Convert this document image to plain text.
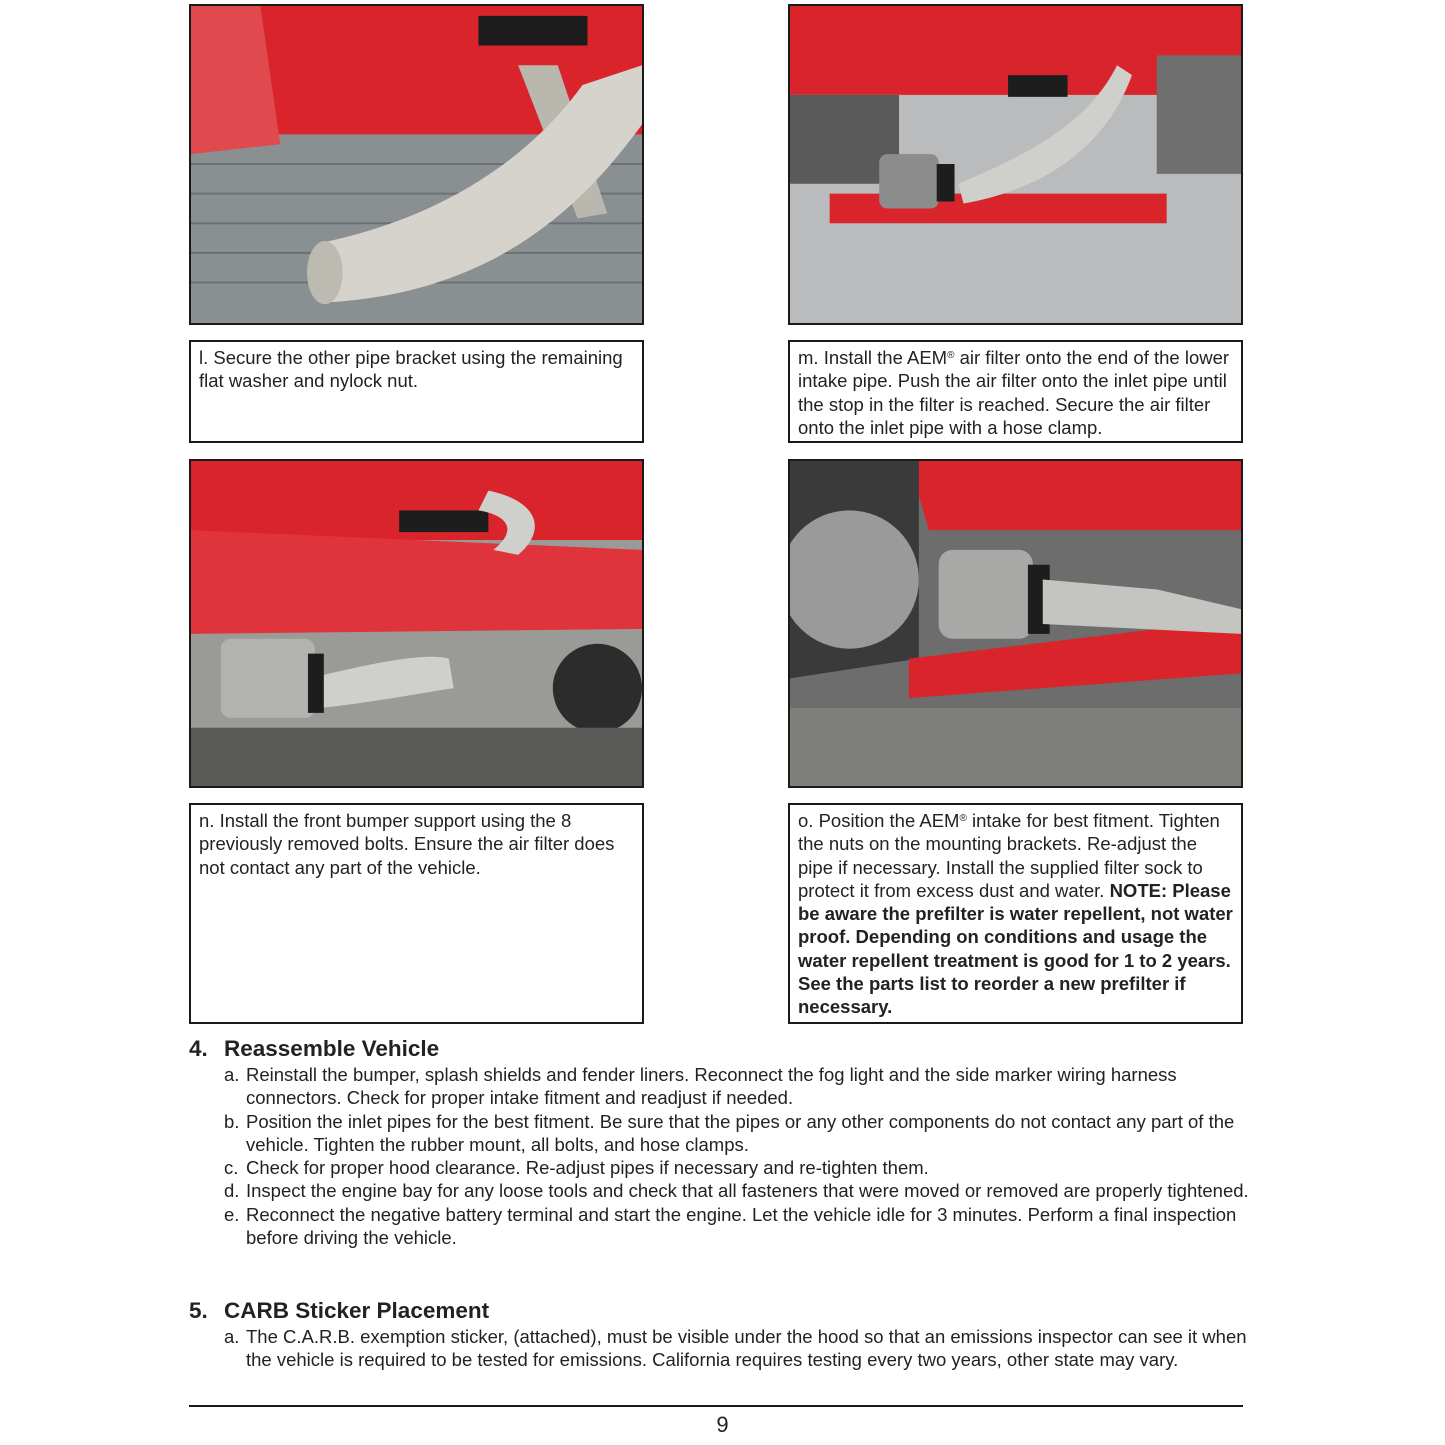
l. Secure the other pipe bracket using the remaining flat washer and nylock nut.
m. Install the AEM® air filter onto the end of the lower intake pipe. Push the air filter onto the inlet pipe until the stop in the filter is reached. Secure the air filter onto the inlet pipe with a hose clamp.
n. Install the front bumper support using the 8 previously removed bolts. Ensure the air filter does not contact any part of the vehicle.
o. Position the AEM® intake for best fitment. Tighten the nuts on the mounting brackets. Re-adjust the pipe if necessary. Install the supplied filter sock to protect it from excess dust and water. NOTE: Please be aware the prefilter is water repellent, not water proof. Depending on conditions and usage the water repellent treatment is good for 1 to 2 years. See the parts list to reorder a new prefilter if necessary.
4. Reassemble Vehicle
a. Reinstall the bumper, splash shields and fender liners. Reconnect the fog light and the side marker wiring harness connectors. Check for proper intake fitment and readjust if needed.
b. Position the inlet pipes for the best fitment. Be sure that the pipes or any other components do not contact any part of the vehicle. Tighten the rubber mount, all bolts, and hose clamps.
c. Check for proper hood clearance. Re-adjust pipes if necessary and re-tighten them.
d. Inspect the engine bay for any loose tools and check that all fasteners that were moved or removed are properly tightened.
e. Reconnect the negative battery terminal and start the engine. Let the vehicle idle for 3 minutes. Perform a final inspection before driving the vehicle.
5. CARB Sticker Placement
a. The C.A.R.B. exemption sticker, (attached), must be visible under the hood so that an emissions inspector can see it when the vehicle is required to be tested for emissions. California requires testing every two years, other state may vary.
9
